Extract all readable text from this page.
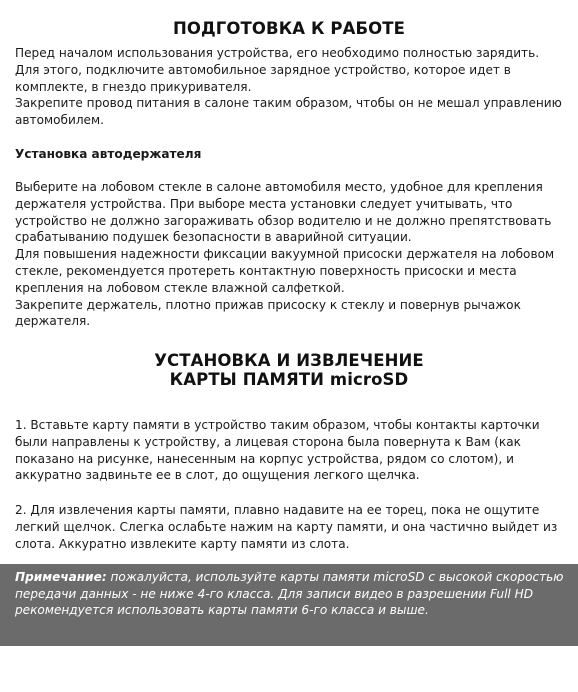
ПОДГОТОВКА К РАБОТЕ

Перед началом использования устройства, его необходимо полностью зарядить. Для этого, подключите автомобильное зарядное устройство, которое идет в комплекте, в гнездо прикуривателя.

Закрепите провод питания в салоне таким образом, чтобы он не мешал управлению автомобилем.

Установка автодержателя

Выберите на лобовом стекле в салоне автомобиля место, удобное для крепления держателя устройства. При выборе места установки следует учитывать, что устройство не должно загораживать обзор водителю и не должно препятствовать срабатыванию подушек безопасности в аварийной ситуации.

Для повышения надежности фиксации вакуумной присоски держателя на лобовом стекле, рекомендуется протереть контактную поверхность присоски и места крепления на лобовом стекле влажной салфеткой.

Закрепите держатель, плотно прижав присоску к стеклу и повернув рычажок держателя.

УСТАНОВКА И ИЗВЛЕЧЕНИЕ
КАРТЫ ПАМЯТИ microSD

1. Вставьте карту памяти в устройство таким образом, чтобы контакты карточки были направлены к устройству, а лицевая сторона была повернута к Вам (как показано на рисунке, нанесенным на корпус устройства, рядом со слотом), и аккуратно задвиньте ее в слот, до ощущения легкого щелчка.

2. Для извлечения карты памяти, плавно надавите на ее торец, пока не ощутите легкий щелчок. Слегка ослабьте нажим на карту памяти, и она частично выйдет из слота. Аккуратно извлеките карту памяти из слота.

Примечание: пожалуйста, используйте карты памяти microSD с высокой скоростью передачи данных - не ниже 4-го класса. Для записи видео в разрешении Full HD рекомендуется использовать карты памяти 6-го класса и выше.
